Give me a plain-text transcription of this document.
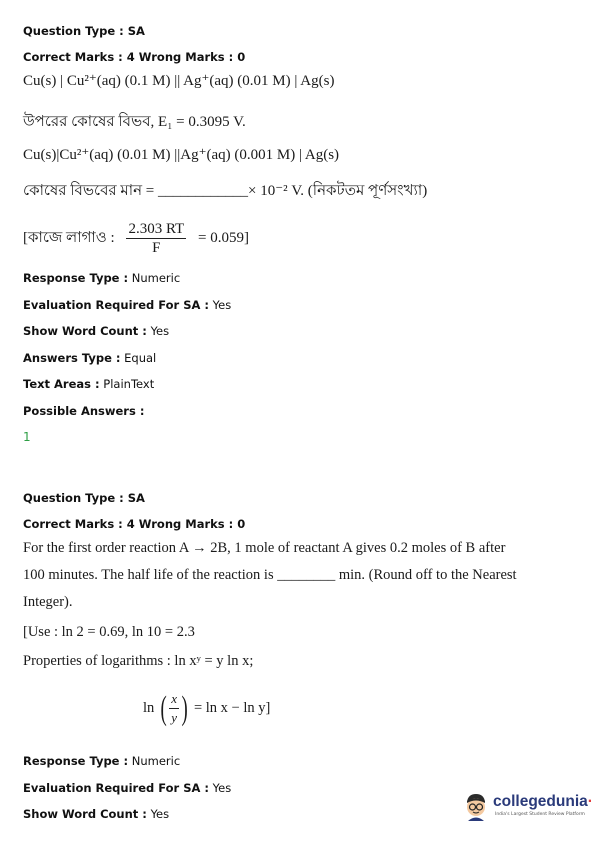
Question Type : SA
Correct Marks : 4 Wrong Marks : 0
Cu(s) | Cu²⁺(aq) (0.1 M) || Ag⁺(aq) (0.01 M) | Ag(s)
উপরের কোষের বিভব, E₁ = 0.3095 V.
Cu(s)|Cu²⁺(aq) (0.01 M) ||Ag⁺(aq) (0.001 M) | Ag(s)
কোষের বিভবের মান = ____________× 10⁻² V. (নিকটতম পূর্ণসংখ্যা)
[কাজে লাগাও : $\frac{2.303 RT}{F} = 0.059$]
Response Type : Numeric
Evaluation Required For SA : Yes
Show Word Count : Yes
Answers Type : Equal
Text Areas : PlainText
Possible Answers :
1
Question Type : SA
Correct Marks : 4 Wrong Marks : 0
For the first order reaction A → 2B, 1 mole of reactant A gives 0.2 moles of B after
100 minutes. The half life of the reaction is ________ min. (Round off to the Nearest
Integer).
[Use : ln 2 = 0.69, ln 10 = 2.3
Properties of logarithms : ln xʸ = y ln x;
ln ( $\frac{x}{y}$ ) = ln x − ln y]
Response Type : Numeric
Evaluation Required For SA : Yes
Show Word Count : Yes
collegedunia·
India's Largest Student Review Platform
